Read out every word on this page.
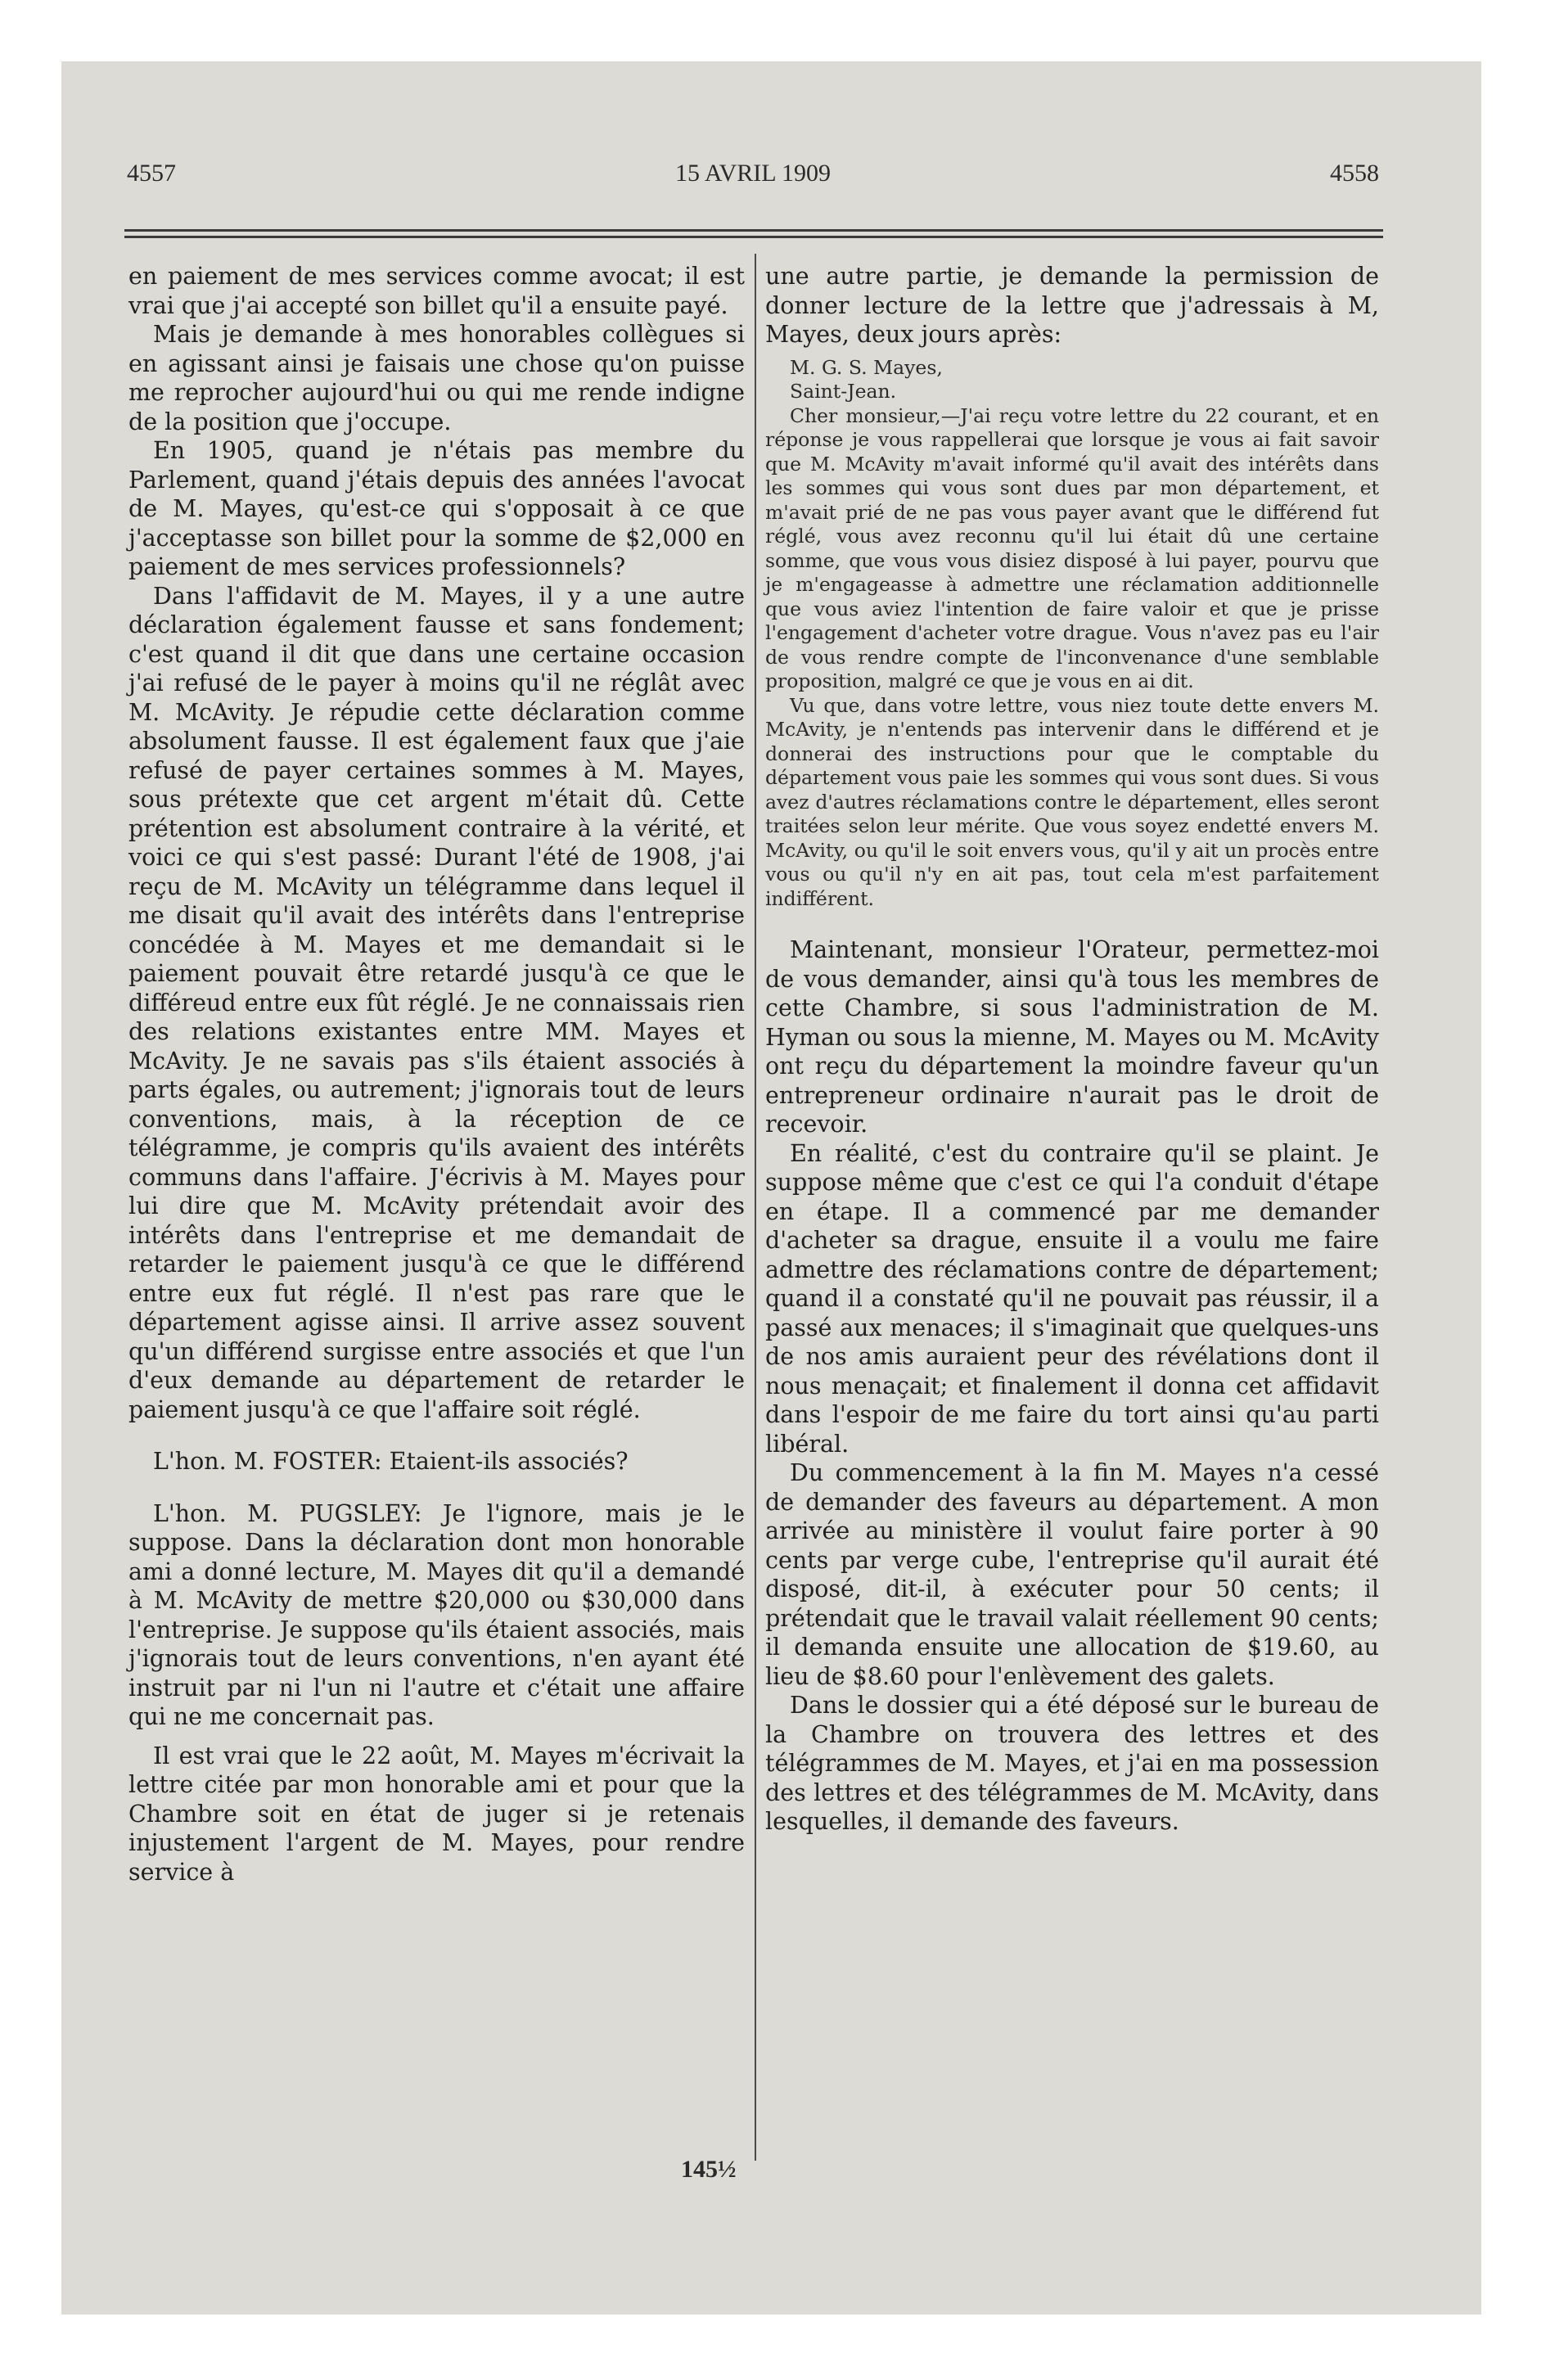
4557	15 AVRIL 1909	4558

en paiement de mes services comme avocat; il est vrai que j'ai accepté son billet qu'il a ensuite payé.

Mais je demande à mes honorables collègues si en agissant ainsi je faisais une chose qu'on puisse me reprocher aujourd'hui ou qui me rende indigne de la position que j'occupe.

En 1905, quand je n'étais pas membre du Parlement, quand j'étais depuis des années l'avocat de M. Mayes, qu'est-ce qui s'opposait à ce que j'acceptasse son billet pour la somme de $2,000 en paiement de mes services professionnels?

Dans l'affidavit de M. Mayes, il y a une autre déclaration également fausse et sans fondement; c'est quand il dit que dans une certaine occasion j'ai refusé de le payer à moins qu'il ne réglât avec M. McAvity. Je répudie cette déclaration comme absolument fausse. Il est également faux que j'aie refusé de payer certaines sommes à M. Mayes, sous prétexte que cet argent m'était dû. Cette prétention est absolument contraire à la vérité, et voici ce qui s'est passé: Durant l'été de 1908, j'ai reçu de M. McAvity un télégramme dans lequel il me disait qu'il avait des intérêts dans l'entreprise concédée à M. Mayes et me demandait si le paiement pouvait être retardé jusqu'à ce que le différeud entre eux fût réglé. Je ne connaissais rien des relations existantes entre MM. Mayes et McAvity. Je ne savais pas s'ils étaient associés à parts égales, ou autrement; j'ignorais tout de leurs conventions, mais, à la réception de ce télégramme, je compris qu'ils avaient des intérêts communs dans l'affaire. J'écrivis à M. Mayes pour lui dire que M. McAvity prétendait avoir des intérêts dans l'entreprise et me demandait de retarder le paiement jusqu'à ce que le différend entre eux fut réglé. Il n'est pas rare que le département agisse ainsi. Il arrive assez souvent qu'un différend surgisse entre associés et que l'un d'eux demande au département de retarder le paiement jusqu'à ce que l'affaire soit réglé.

L'hon. M. FOSTER: Etaient-ils associés?

L'hon. M. PUGSLEY: Je l'ignore, mais je le suppose. Dans la déclaration dont mon honorable ami a donné lecture, M. Mayes dit qu'il a demandé à M. McAvity de mettre $20,000 ou $30,000 dans l'entreprise. Je suppose qu'ils étaient associés, mais j'ignorais tout de leurs conventions, n'en ayant été instruit par ni l'un ni l'autre et c'était une affaire qui ne me concernait pas.

Il est vrai que le 22 août, M. Mayes m'écrivait la lettre citée par mon honorable ami et pour que la Chambre soit en état de juger si je retenais injustement l'argent de M. Mayes, pour rendre service à

une autre partie, je demande la permission de donner lecture de la lettre que j'adressais à M, Mayes, deux jours après:

M. G. S. Mayes,

Saint-Jean.

Cher monsieur,—J'ai reçu votre lettre du 22 courant, et en réponse je vous rappellerai que lorsque je vous ai fait savoir que M. McAvity m'avait informé qu'il avait des intérêts dans les sommes qui vous sont dues par mon département, et m'avait prié de ne pas vous payer avant que le différend fut réglé, vous avez reconnu qu'il lui était dû une certaine somme, que vous vous disiez disposé à lui payer, pourvu que je m'engageasse à admettre une réclamation additionnelle que vous aviez l'intention de faire valoir et que je prisse l'engagement d'acheter votre drague. Vous n'avez pas eu l'air de vous rendre compte de l'inconvenance d'une semblable proposition, malgré ce que je vous en ai dit.

Vu que, dans votre lettre, vous niez toute dette envers M. McAvity, je n'entends pas intervenir dans le différend et je donnerai des instructions pour que le comptable du département vous paie les sommes qui vous sont dues. Si vous avez d'autres réclamations contre le département, elles seront traitées selon leur mérite. Que vous soyez endetté envers M. McAvity, ou qu'il le soit envers vous, qu'il y ait un procès entre vous ou qu'il n'y en ait pas, tout cela m'est parfaitement indifférent.

Maintenant, monsieur l'Orateur, permettez-moi de vous demander, ainsi qu'à tous les membres de cette Chambre, si sous l'administration de M. Hyman ou sous la mienne, M. Mayes ou M. McAvity ont reçu du département la moindre faveur qu'un entrepreneur ordinaire n'aurait pas le droit de recevoir.

En réalité, c'est du contraire qu'il se plaint. Je suppose même que c'est ce qui l'a conduit d'étape en étape. Il a commencé par me demander d'acheter sa drague, ensuite il a voulu me faire admettre des réclamations contre de département; quand il a constaté qu'il ne pouvait pas réussir, il a passé aux menaces; il s'imaginait que quelques-uns de nos amis auraient peur des révélations dont il nous menaçait; et finalement il donna cet affidavit dans l'espoir de me faire du tort ainsi qu'au parti libéral.

Du commencement à la fin M. Mayes n'a cessé de demander des faveurs au département. A mon arrivée au ministère il voulut faire porter à 90 cents par verge cube, l'entreprise qu'il aurait été disposé, dit-il, à exécuter pour 50 cents; il prétendait que le travail valait réellement 90 cents; il demanda ensuite une allocation de $19.60, au lieu de $8.60 pour l'enlèvement des galets.

Dans le dossier qui a été déposé sur le bureau de la Chambre on trouvera des lettres et des télégrammes de M. Mayes, et j'ai en ma possession des lettres et des télégrammes de M. McAvity, dans lesquelles, il demande des faveurs.

145½
